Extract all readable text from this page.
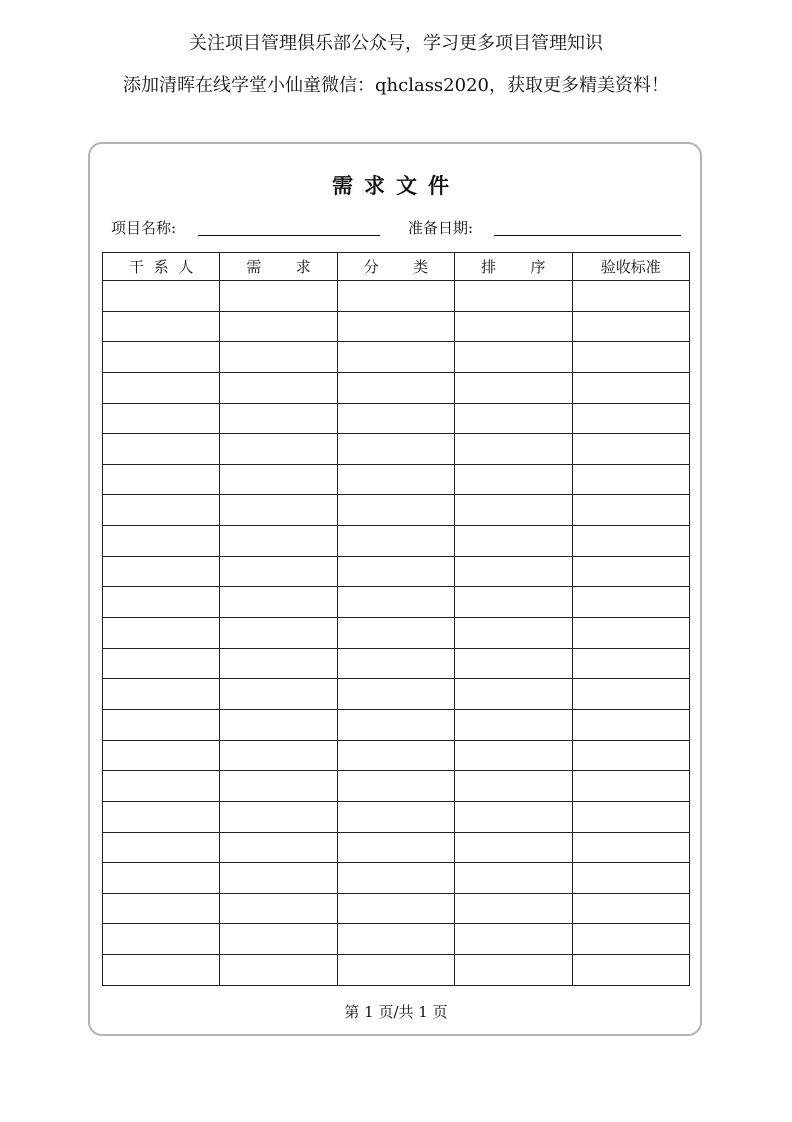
关注项目管理俱乐部公众号，学习更多项目管理知识
添加清晖在线学堂小仙童微信：qhclass2020，获取更多精美资料！
需求文件
项目名称:	准备日期:
干 系 人	需 求	分 类	排 序	验收标准

第 1 页/共 1 页
